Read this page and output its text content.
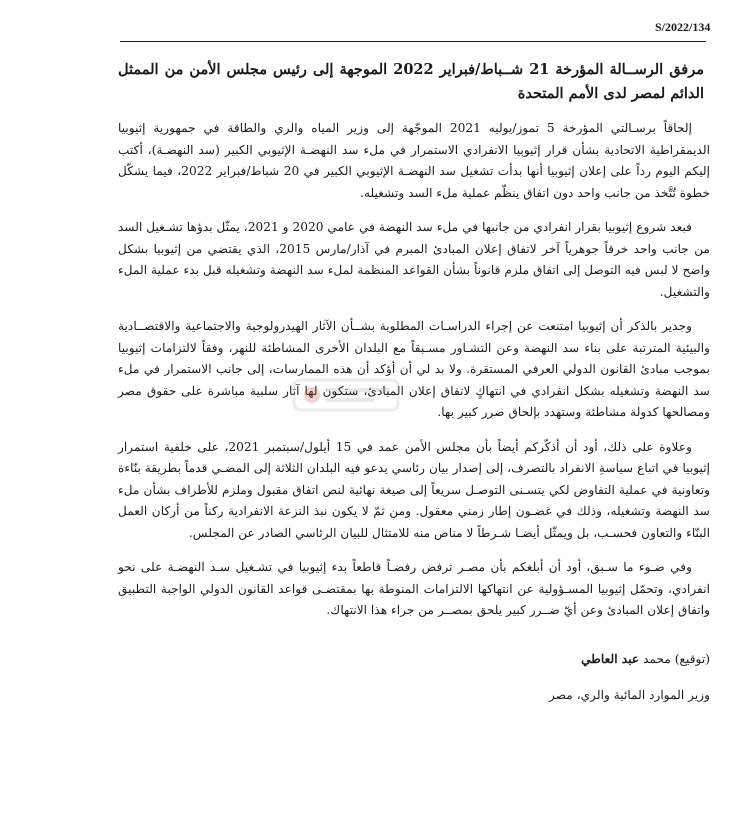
S/2022/134
مرفق الرســالة المؤرخة 21 شــباط/فبراير 2022 الموجهة إلى رئيس مجلس الأمن من الممثل الدائم لمصر لدى الأمم المتحدة

إلحاقاً برسـالتي المؤرخة 5 تموز/يوليه 2021 الموجّهة إلى وزير المياه والري والطاقة في جمهورية إثيوبيا الديمقراطية الاتحادية بشأن قرار إثيوبيا الانفرادي الاستمرار في ملء سد النهضـة الإثيوبي الكبير (سد النهضـة)، أكتب إليكم اليوم رداً على إعلان إثيوبيا أنها بدأت تشغيل سد النهضـة الإثيوبي الكبير في 20 شباط/فبراير 2022، فيما يشكّل خطوة تُتَّخذ من جانب واحد دون اتفاق ينظّم عملية ملء السد وتشغيله.

فبعد شروع إثيوبيا بقرار انفرادي من جانبها في ملء سد النهضة في عامي 2020 و 2021، يمثّل بدؤها تشـغيل السد من جانب واحد خرقاً جوهرياً آخر لاتفاق إعلان المبادئ المبرم في آذار/مارس 2015، الذي يقتضي من إثيوبيا بشكل واضح لا لبس فيه التوصل إلى اتفاق ملزم قانوناً بشأن القواعد المنظمة لملء سد النهضة وتشغيله قبل بدء عملية الملء والتشغيل.

وجدير بالذكر أن إثيوبيا امتنعت عن إجراء الدراسـات المطلوبة بشــأن الآثار الهيدرولوجية والاجتماعية والاقتصــادية والبيئية المترتبة على بناء سد النهضة وعن التشـاور مسـبقاً مع البلدان الأخرى المشاطئة للنهر، وفقاً لالتزامات إثيوبيا بموجب مبادئ القانون الدولي العرفي المستقرة. ولا بد لي أن أؤكد أن هذه الممارسات، إلى جانب الاستمرار في ملء سد النهضة وتشغيله بشكل انفرادي في انتهاكٍ لاتفاق إعلان المبادئ، ستكون لها آثار سلبية مباشرة على حقوق مصر ومصالحها كدولة مشاطئة وستهدد بإلحاق ضرر كبير بها.

وعلاوة على ذلك، أود أن أذكّركم أيضاً بأن مجلس الأمن عمد في 15 أيلول/سبتمبر 2021، على خلفية استمرار إثيوبيا في اتباع سياسةِ الانفراد بالتصرف، إلى إصدار بيان رئاسي يدعو فيه البلدان الثلاثة إلى المضـي قدماً بطريقة بنّاءة وتعاونية في عملية التفاوض لكي يتسـنى التوصـل سريعاً إلى صيغة نهائية لنص اتفاق مقبول وملزم للأطراف بشأن ملء سد النهضة وتشغيله، وذلك في غضـون إطار زمني معقول. ومن ثمّ لا يكون نبذ النزعة الانفرادية ركناً من أركان العمل البنّاء والتعاون فحسـب، بل ويمثّل أيضـا شـرطاً لا مناص منه للامتثال للبيان الرئاسي الصادر عن المجلس.

وفي ضـوء ما سـبق، أود أن أبلغكم بأن مصـر ترفض رفضـاً قاطعاً بدء إثيوبيا في تشـغيل سـد النهضـة على نحو انفرادي، وتحمّل إثيوبيا المسـؤولية عن انتهاكها الالتزامات المنوطة بها بمقتضـى قواعد القانون الدولي الواجبة التطبيق واتفاق إعلان المبادئ وعن أيّ ضــرر كبير يلحق بمصــر من جراء هذا الانتهاك.

(توقيع) محمد عبد العاطي
وزير الموارد المائية والري، مصر
